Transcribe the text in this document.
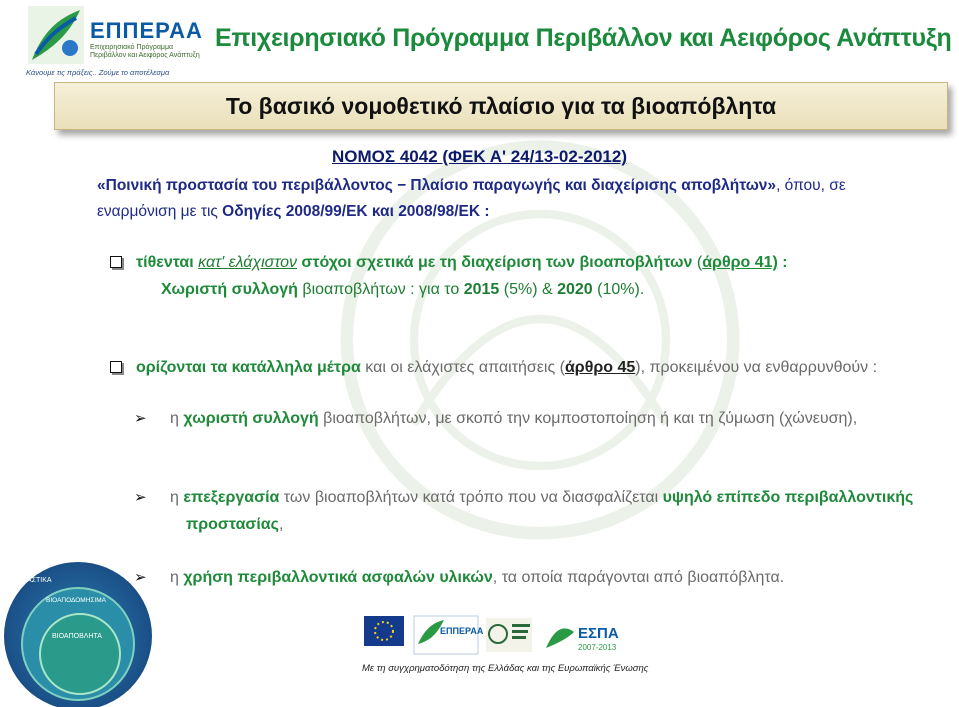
ΕΠΠΕΡΑΑ
Επιχειρησιακό Πρόγραμμα Περιβάλλον και Αειφόρος Ανάπτυξη
Κάνουμε τις πράξεις.. Ζούμε το αποτέλεσμα
Επιχειρησιακό Πρόγραμμα Περιβάλλον και Αειφόρος Ανάπτυξη
Το βασικό νομοθετικό πλαίσιο για τα βιοαπόβλητα
ΝΟΜΟΣ 4042 (ΦΕΚ Α' 24/13-02-2012)
«Ποινική προστασία του περιβάλλοντος − Πλαίσιο παραγωγής και διαχείρισης αποβλήτων», όπου, σε εναρμόνιση με τις Οδηγίες 2008/99/ΕΚ και 2008/98/ΕΚ :
τίθενται κατ' ελάχιστον στόχοι σχετικά με τη διαχείριση των βιοαποβλήτων (άρθρο 41) :
Χωριστή συλλογή βιοαποβλήτων : για το 2015 (5%) & 2020 (10%).
ορίζονται τα κατάλληλα μέτρα και οι ελάχιστες απαιτήσεις (άρθρο 45), προκειμένου να ενθαρρυνθούν :
➢ η χωριστή συλλογή βιοαποβλήτων, με σκοπό την κομποστοποίηση ή και τη ζύμωση (χώνευση),
➢ η επεξεργασία των βιοαποβλήτων κατά τρόπο που να διασφαλίζεται υψηλό επίπεδο περιβαλλοντικής προστασίας,
➢ η χρήση περιβαλλοντικά ασφαλών υλικών, τα οποία παράγονται από βιοαπόβλητα.
ΑΣΤΙΚΑ
ΒΙΟΑΠΟΔΟΜΗΣΙΜΑ
ΒΙΟΑΠΟΒΛΗΤΑ
ΕΠΠΕΡΑΑ	ΕΣΠΑ
2007-2013
Με τη συγχρηματοδότηση της Ελλάδας και της Ευρωπαϊκής Ένωσης
